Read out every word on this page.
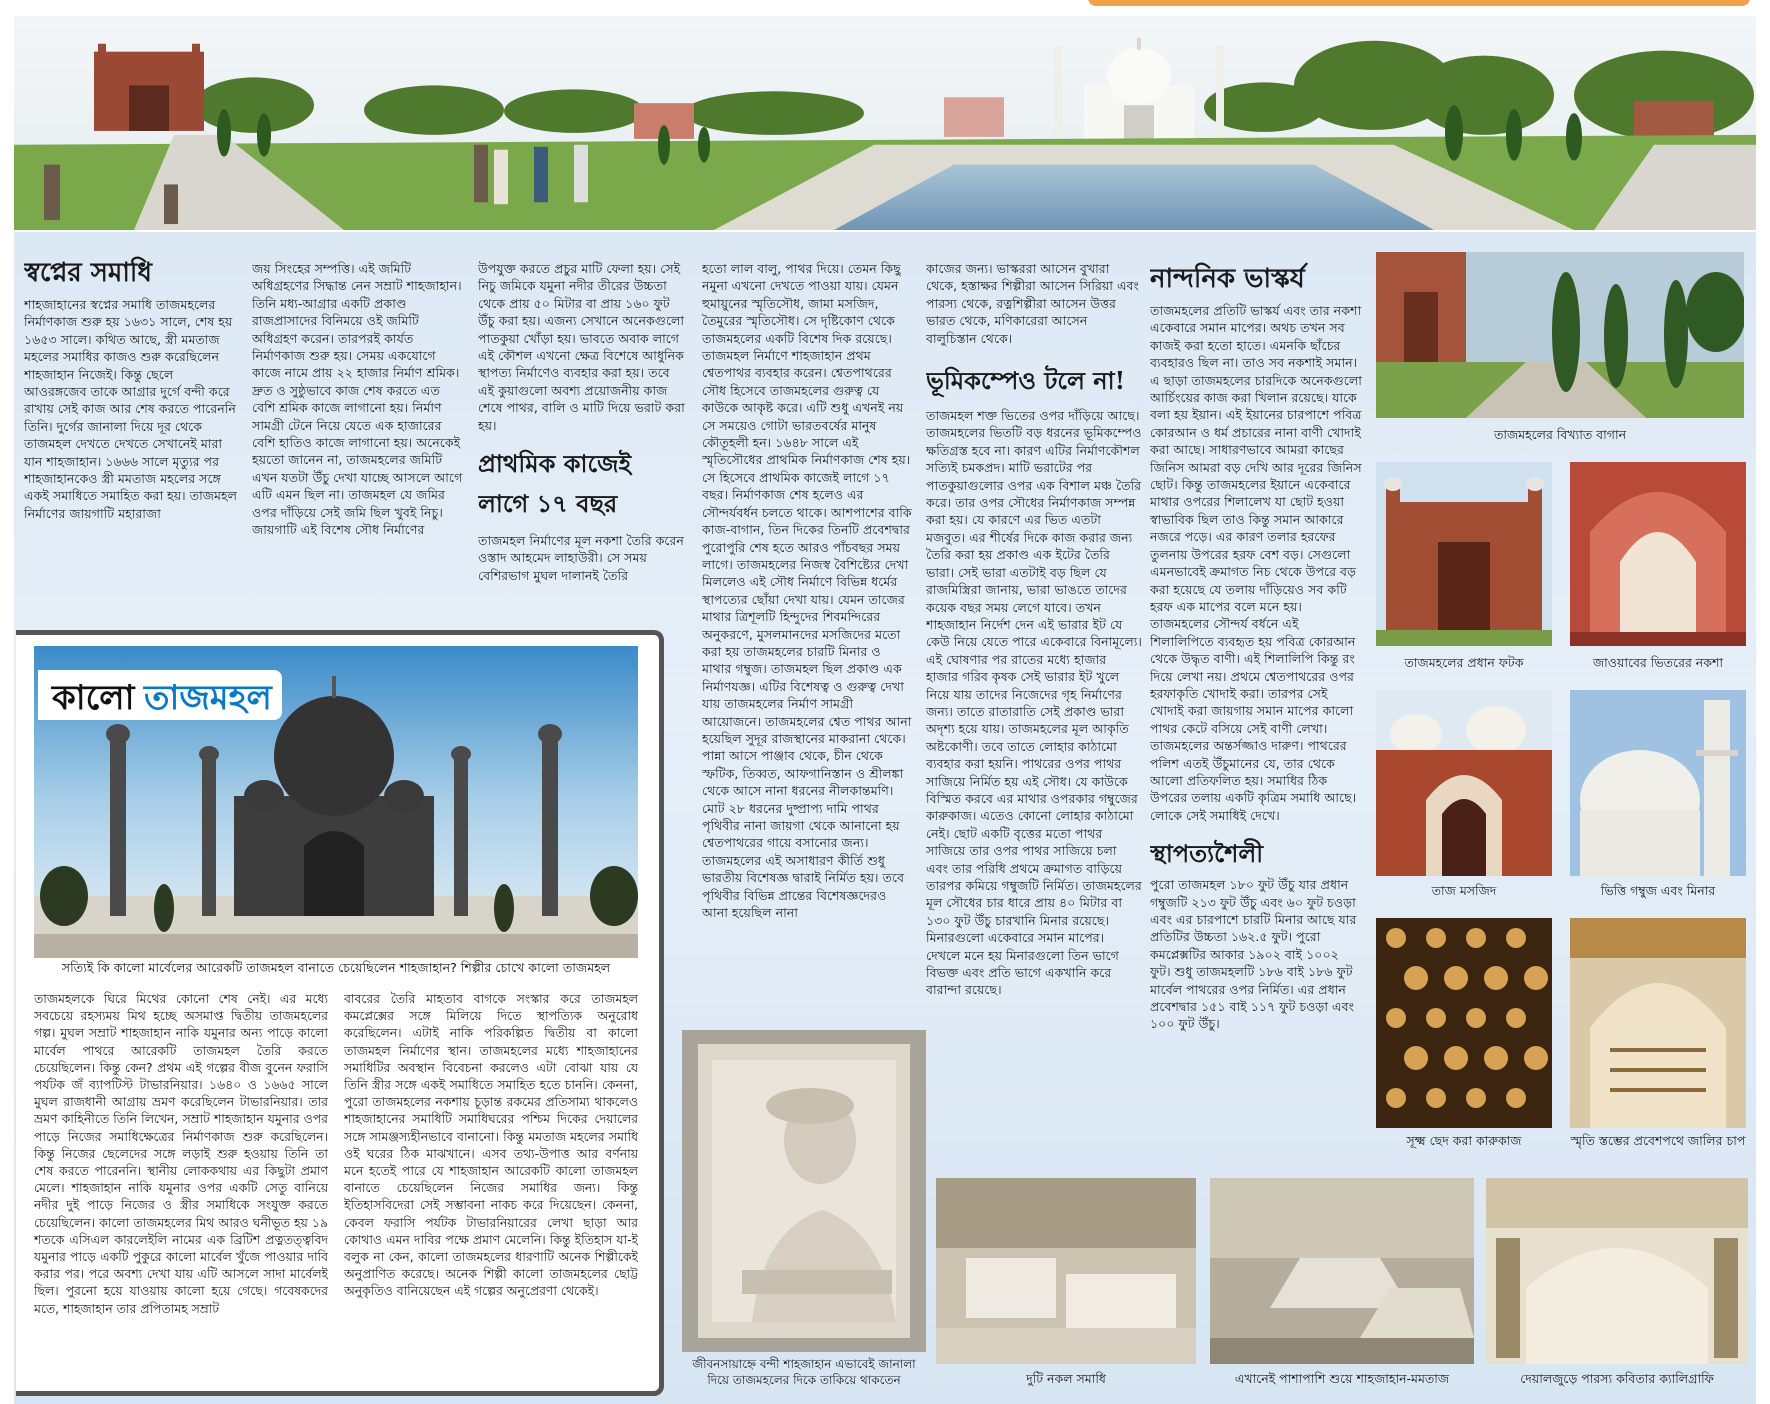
স্বপ্নের সমাধি

শাহজাহানের স্বপ্নের সমাধি তাজমহলের নির্মাণকাজ শুরু হয় ১৬৩১ সালে, শেষ হয় ১৬৫৩ সালে। কথিত আছে, স্ত্রী মমতাজ মহলের সমাধির কাজও শুরু করেছিলেন শাহজাহান নিজেই। কিন্তু ছেলে আওরঙ্গজেব তাকে আগ্রার দুর্গে বন্দী করে রাখায় সেই কাজ আর শেষ করতে পারেননি তিনি। দুর্গের জানালা দিয়ে দূর থেকে তাজমহল দেখতে দেখতে সেখানেই মারা যান শাহজাহান। ১৬৬৬ সালে মৃত্যুর পর শাহজাহানকেও স্ত্রী মমতাজ মহলের সঙ্গে একই সমাধিতে সমাহিত করা হয়। তাজমহল নির্মাণের জায়গাটি মহারাজা

জয় সিংহের সম্পত্তি। এই জমিটি অধিগ্রহণের সিদ্ধান্ত নেন সম্রাট শাহজাহান। তিনি মধ্য-আগ্রার একটি প্রকাণ্ড রাজপ্রাসাদের বিনিময়ে ওই জমিটি অধিগ্রহণ করেন। তারপরই কার্যত নির্মাণকাজ শুরু হয়। সেময় একযোগে কাজে নামে প্রায় ২২ হাজার নির্মাণ শ্রমিক। দ্রুত ও সুষ্ঠুভাবে কাজ শেষ করতে এত বেশি শ্রমিক কাজে লাগানো হয়। নির্মাণ সামগ্রী টেনে নিয়ে যেতে এক হাজারের বেশি হাতিও কাজে লাগানো হয়। অনেকেই হয়তো জানেন না, তাজমহলের জমিটি এখন যতটা উঁচু দেখা যাচ্ছে আসলে আগে এটি এমন ছিল না। তাজমহল যে জমির ওপর দাঁড়িয়ে সেই জমি ছিল খুবই নিচু। জায়গাটি এই বিশেষ সৌধ নির্মাণের

উপযুক্ত করতে প্রচুর মাটি ফেলা হয়। সেই নিচু জমিকে যমুনা নদীর তীরের উচ্চতা থেকে প্রায় ৫০ মিটার বা প্রায় ১৬০ ফুট উঁচু করা হয়। এজন্য সেখানে অনেকগুলো পাতকুয়া খোঁড়া হয়। ভাবতে অবাক লাগে এই কৌশল এখনো ক্ষেত্র বিশেষে আধুনিক স্থাপত্য নির্মাণেও ব্যবহার করা হয়। তবে এই কুয়াগুলো অবশ্য প্রয়োজনীয় কাজ শেষে পাথর, বালি ও মাটি দিয়ে ভরাট করা হয়।

প্রাথমিক কাজেই লাগে ১৭ বছর

তাজমহল নির্মাণের মূল নকশা তৈরি করেন ওস্তাদ আহমেদ লাহাউরী। সে সময় বেশিরভাগ মুঘল দালানই তৈরি

হতো লাল বালু, পাথর দিয়ে। তেমন কিছু নমুনা এখনো দেখতে পাওয়া যায়। যেমন হুমায়ুনের স্মৃতিসৌধ, জামা মসজিদ, তৈমুরের স্মৃতিসৌধ। সে দৃষ্টিকোণ থেকে তাজমহলের একটি বিশেষ দিক রয়েছে। তাজমহল নির্মাণে শাহজাহান প্রথম শ্বেতপাথর ব্যবহার করেন। শ্বেতপাথরের সৌধ হিসেবে তাজমহলের গুরুত্ব যে কাউকে আকৃষ্ট করে। এটি শুধু এখনই নয় সে সময়েও গোটা ভারতবর্ষের মানুষ কৌতূহলী হন। ১৬৪৮ সালে এই স্মৃতিসৌধের প্রাথমিক নির্মাণকাজ শেষ হয়। সে হিসেবে প্রাথমিক কাজেই লাগে ১৭ বছর। নির্মাণকাজ শেষ হলেও এর সৌন্দর্যবর্ধন চলতে থাকে। আশপাশের বাকি কাজ-বাগান, তিন দিকের তিনটি প্রবেশদ্বার পুরোপুরি শেষ হতে আরও পাঁচবছর সময় লাগে। তাজমহলের নিজস্ব বৈশিষ্ট্যের দেখা মিললেও এই সৌধ নির্মাণে বিভিন্ন ধর্মের স্থাপত্যের ছোঁয়া দেখা যায়। যেমন তাজের মাথার ত্রিশূলটি হিন্দুদের শিবমন্দিরের অনুকরণে, মুসলমানদের মসজিদের মতো করা হয় তাজমহলের চারটি মিনার ও মাথার গম্বুজ। তাজমহল ছিল প্রকাণ্ড এক নির্মাণযজ্ঞ। এটির বিশেষত্ব ও গুরুত্ব দেখা যায় তাজমহলের নির্মাণ সামগ্রী আয়োজনে। তাজমহলের শ্বেত পাথর আনা হয়েছিল সুদূর রাজস্থানের মাকরানা থেকে। পান্না আসে পাঞ্জাব থেকে, চীন থেকে স্ফটিক, তিব্বত, আফগানিস্তান ও শ্রীলঙ্কা থেকে আসে নানা ধরনের নীলকান্তমণি। মোট ২৮ ধরনের দুষ্প্রাপ্য দামি পাথর পৃথিবীর নানা জায়গা থেকে আনানো হয় শ্বেতপাথরের গায়ে বসানোর জন্য। তাজমহলের এই অসাধারণ কীর্তি শুধু ভারতীয় বিশেষজ্ঞ দ্বারাই নির্মিত হয়। তবে পৃথিবীর বিভিন্ন প্রান্তের বিশেষজ্ঞদেরও আনা হয়েছিল নানা

কাজের জন্য। ভাস্কররা আসেন বুখারা থেকে, হস্তাক্ষর শিল্পীরা আসেন সিরিয়া এবং পারস্য থেকে, রত্নশিল্পীরা আসেন উত্তর ভারত থেকে, মণিকারেরা আসেন বালুচিস্তান থেকে।

ভূমিকম্পেও টলে না!

তাজমহল শক্ত ভিতের ওপর দাঁড়িয়ে আছে। তাজমহলের ভিতটি বড় ধরনের ভূমিকম্পেও ক্ষতিগ্রস্ত হবে না। কারণ এটির নির্মাণকৌশল সত্যিই চমকপ্রদ। মাটি ভরাটের পর পাতকুয়াগুলোর ওপর এক বিশাল মঞ্চ তৈরি করে। তার ওপর সৌধের নির্মাণকাজ সম্পন্ন করা হয়। যে কারণে এর ভিত এতটা মজবুত। এর শীর্ষের দিকে কাজ করার জন্য তৈরি করা হয় প্রকাণ্ড এক ইটের তৈরি ভারা। সেই ভারা এতটাই বড় ছিল যে রাজমিস্ত্রিরা জানায়, ভারা ভাঙতে তাদের কয়েক বছর সময় লেগে যাবে। তখন শাহজাহান নির্দেশ দেন এই ভারার ইট যে কেউ নিয়ে যেতে পারে একেবারে বিনামূল্যে। এই ঘোষণার পর রাতের মধ্যে হাজার হাজার গরিব কৃষক সেই ভারার ইট খুলে নিয়ে যায় তাদের নিজেদের গৃহ নির্মাণের জন্য। তাতে রাতারাতি সেই প্রকাণ্ড ভারা অদৃশ্য হয়ে যায়। তাজমহলের মূল আকৃতি অষ্টকোণী। তবে তাতে লোহার কাঠামো ব্যবহার করা হয়নি। পাথরের ওপর পাথর সাজিয়ে নির্মিত হয় এই সৌধ। যে কাউকে বিস্মিত করবে এর মাথার ওপরকার গম্বুজের কারুকাজ। এতেও কোনো লোহার কাঠামো নেই। ছোট একটি বৃত্তের মতো পাথর সাজিয়ে তার ওপর পাথর সাজিয়ে চলা এবং তার পরিধি প্রথমে ক্রমাগত বাড়িয়ে তারপর কমিয়ে গম্বুজটি নির্মিত। তাজমহলের মূল সৌধের চার ধারে প্রায় ৪০ মিটার বা ১৩০ ফুট উঁচু চারখানি মিনার রয়েছে। মিনারগুলো একেবারে সমান মাপের। দেখলে মনে হয় মিনারগুলো তিন ভাগে বিভক্ত এবং প্রতি ভাগে একখানি করে বারান্দা রয়েছে।

নান্দনিক ভাস্কর্য

তাজমহলের প্রতিটি ভাস্কর্য এবং তার নকশা একেবারে সমান মাপের। অথচ তখন সব কাজই করা হতো হাতে। এমনকি ছাঁচের ব্যবহারও ছিল না। তাও সব নকশাই সমান। এ ছাড়া তাজমহলের চারদিকে অনেকগুলো আর্চিংয়ের কাজ করা খিলান রয়েছে। যাকে বলা হয় ইয়ান। এই ইয়ানের চারপাশে পবিত্র কোরআন ও ধর্ম প্রচারের নানা বাণী খোদাই করা আছে। সাধারণভাবে আমরা কাছের জিনিস আমরা বড় দেখি আর দূরের জিনিস ছোট। কিন্তু তাজমহলের ইয়ানে একেবারে মাথার ওপরের শিলালেখ যা ছোট হওয়া স্বাভাবিক ছিল তাও কিন্তু সমান আকারে নজরে পড়ে। এর কারণ তলার হরফের তুলনায় উপরের হরফ বেশ বড়। সেগুলো এমনভাবেই ক্রমাগত নিচ থেকে উপরে বড় করা হয়েছে যে তলায় দাঁড়িয়েও সব কটি হরফ এক মাপের বলে মনে হয়। তাজমহলের সৌন্দর্য বর্ধনে এই শিলালিপিতে ব্যবহৃত হয় পবিত্র কোরআন থেকে উদ্ধৃত বাণী। এই শিলালিপি কিন্তু রং দিয়ে লেখা নয়। প্রথমে শ্বেতপাথরের ওপর হরফাকৃতি খোদাই করা। তারপর সেই খোদাই করা জায়গায় সমান মাপের কালো পাথর কেটে বসিয়ে সেই বাণী লেখা। তাজমহলের অন্তর্সজ্জাও দারুণ। পাথরের পলিশ এতই উঁচুমানের যে, তার থেকে আলো প্রতিফলিত হয়। সমাধির ঠিক উপরের তলায় একটি কৃত্রিম সমাধি আছে। লোকে সেই সমাধিই দেখে।

স্থাপত্যশৈলী

পুরো তাজমহল ১৮০ ফুট উঁচু যার প্রধান গম্বুজটি ২১৩ ফুট উঁচু এবং ৬০ ফুট চওড়া এবং এর চারপাশে চারটি মিনার আছে যার প্রতিটির উচ্চতা ১৬২.৫ ফুট। পুরো কমপ্লেক্সটির আকার ১৯০২ বাই ১০০২ ফুট। শুধু তাজমহলটি ১৮৬ বাই ১৮৬ ফুট মার্বেল পাথরের ওপর নির্মিত। এর প্রধান প্রবেশদ্বার ১৫১ বাই ১১৭ ফুট চওড়া এবং ১০০ ফুট উঁচু।

তাজমহলের বিখ্যাত বাগান
তাজমহলের প্রধান ফটক	জাওয়াবের ভিতরের নকশা
তাজ মসজিদ	ভিত্তি গম্বুজ এবং মিনার
সূক্ষ্ম ছেদ করা কারুকাজ	স্মৃতি স্তম্ভের প্রবেশপথে জালির চাপ
জীবনসায়াহ্নে বন্দী শাহজাহান এভাবেই জানালা দিয়ে তাজমহলের দিকে তাকিয়ে থাকতেন	দুটি নকল সমাধি	এখানেই পাশাপাশি শুয়ে শাহজাহান-মমতাজ	দেয়ালজুড়ে পারস্য কবিতার ক্যালিগ্রাফি
কালো তাজমহল
সত্যিই কি কালো মার্বেলের আরেকটি তাজমহল বানাতে চেয়েছিলেন শাহজাহান? শিল্পীর চোখে কালো তাজমহল

তাজমহলকে ঘিরে মিথের কোনো শেষ নেই। এর মধ্যে সবচেয়ে রহস্যময় মিথ হচ্ছে অসমাপ্ত দ্বিতীয় তাজমহলের গল্প। মুঘল সম্রাট শাহজাহান নাকি যমুনার অন্য পাড়ে কালো মার্বেল পাথরে আরেকটি তাজমহল তৈরি করতে চেয়েছিলেন। কিন্তু কেন? প্রথম এই গল্পের বীজ বুনেন ফরাসি পর্যটক জঁ ব্যাপটিস্ট টাভারনিয়ার। ১৬৪০ ও ১৬৬৫ সালে মুঘল রাজধানী আগ্রায় ভ্রমণ করেছিলেন টাভারনিয়ার। তার ভ্রমণ কাহিনীতে তিনি লিখেন, সম্রাট শাহজাহান যমুনার ওপর পাড়ে নিজের সমাধিক্ষেত্রের নির্মাণকাজ শুরু করেছিলেন। কিন্তু নিজের ছেলেদের সঙ্গে লড়াই শুরু হওয়ায় তিনি তা শেষ করতে পারেননি। স্থানীয় লোককথায় এর কিছুটা প্রমাণ মেলে। শাহজাহান নাকি যমুনার ওপর একটি সেতু বানিয়ে নদীর দুই পাড়ে নিজের ও স্ত্রীর সমাধিকে সংযুক্ত করতে চেয়েছিলেন। কালো তাজমহলের মিথ আরও ঘনীভূত হয় ১৯ শতকে এসিএল কারলেইলি নামের এক ব্রিটিশ প্রত্নতত্ত্ববিদ যমুনার পাড়ে একটি পুকুরে কালো মার্বেল খুঁজে পাওয়ার দাবি করার পর। পরে অবশ্য দেখা যায় এটি আসলে সাদা মার্বেলই ছিল। পুরনো হয়ে যাওয়ায় কালো হয়ে গেছে। গবেষকদের মতে, শাহজাহান তার প্রপিতামহ সম্রাট

বাবরের তৈরি মাহতাব বাগকে সংস্কার করে তাজমহল কমপ্লেক্সের সঙ্গে মিলিয়ে দিতে স্থাপত্যিক অনুরোধ করেছিলেন। এটাই নাকি পরিকল্পিত দ্বিতীয় বা কালো তাজমহল নির্মাণের স্থান। তাজমহলের মধ্যে শাহজাহানের সমাধিটির অবস্থান বিবেচনা করলেও এটা বোঝা যায় যে তিনি স্ত্রীর সঙ্গে একই সমাধিতে সমাহিত হতে চাননি। কেননা, পুরো তাজমহলের নকশায় চূড়ান্ত রকমের প্রতিসাম্য থাকলেও শাহজাহানের সমাধিটি সমাধিঘরের পশ্চিম দিকের দেয়ালের সঙ্গে সামঞ্জস্যহীনভাবে বানানো। কিন্তু মমতাজ মহলের সমাধি ওই ঘরের ঠিক মাঝখানে। এসব তথ্য-উপাত্ত আর বর্ণনায় মনে হতেই পারে যে শাহজাহান আরেকটি কালো তাজমহল বানাতে চেয়েছিলেন নিজের সমাধির জন্য। কিন্তু ইতিহাসবিদেরা সেই সম্ভাবনা নাকচ করে দিয়েছেন। কেননা, কেবল ফরাসি পর্যটক টাভারনিয়ারের লেখা ছাড়া আর কোথাও এমন দাবির পক্ষে প্রমাণ মেলেনি। কিন্তু ইতিহাস যা-ই বলুক না কেন, কালো তাজমহলের ধারণাটি অনেক শিল্পীকেই অনুপ্রাণিত করেছে। অনেক শিল্পী কালো তাজমহলের ছোট্ট অনুকৃতিও বানিয়েছেন এই গল্পের অনুপ্রেরণা থেকেই।
